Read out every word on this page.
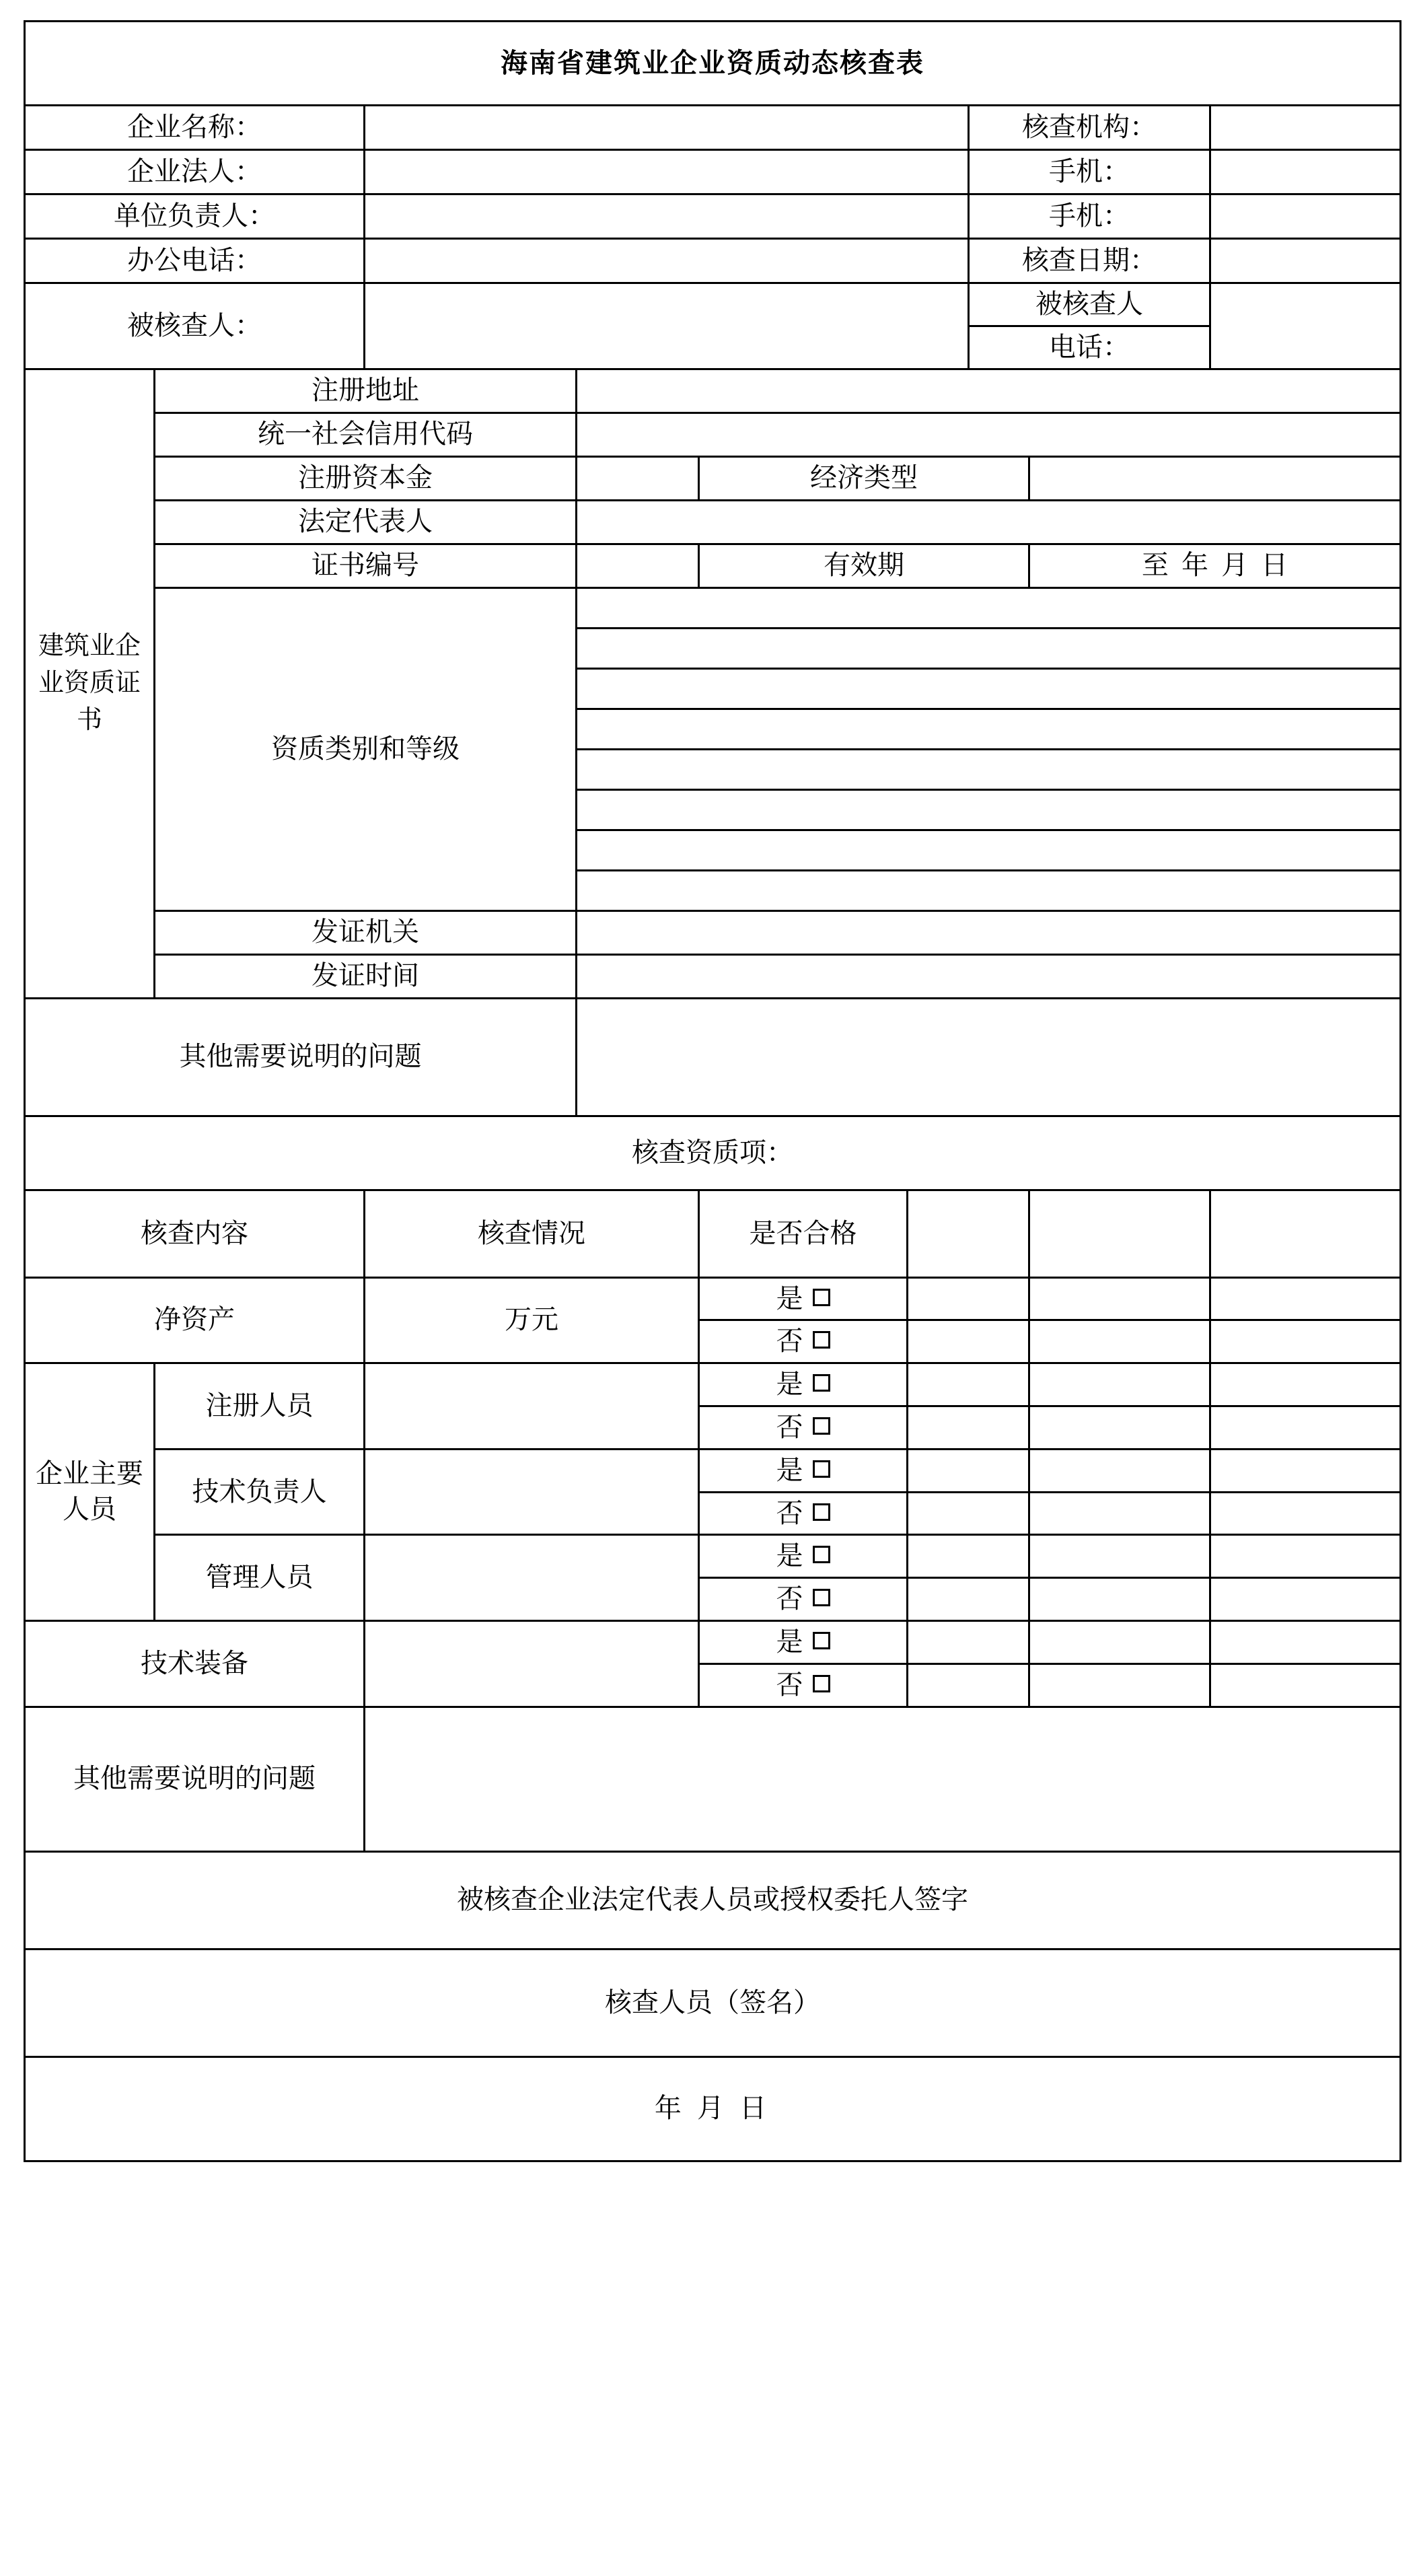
海南省建筑业企业资质动态核查表								
企业名称：						核查机构：		
企业法人：						手机：		
单位负责人：						手机：		
办公电话：						核查日期：		
被核查人：						被核查人		
						电话：		
建筑业企业资质证书	注册地址							
	统一社会信用代码							
	注册资本金			经济类型				
	法定代表人							
	证书编号			有效期			至 年 月 日	
	资质类别和等级							

	发证机关							
	发证时间							
其他需要说明的问题								
核查资质项：								
核查内容		核查情况		是否合格				
净资产		万元		是				
				否				
企业主要人员	注册人员			是				
				否				
	技术负责人			是				
				否				
	管理人员			是				
				否				
技术装备				是				
				否				
其他需要说明的问题								
被核查企业法定代表人员或授权委托人签字								
核查人员（签名）								
年 月 日								
